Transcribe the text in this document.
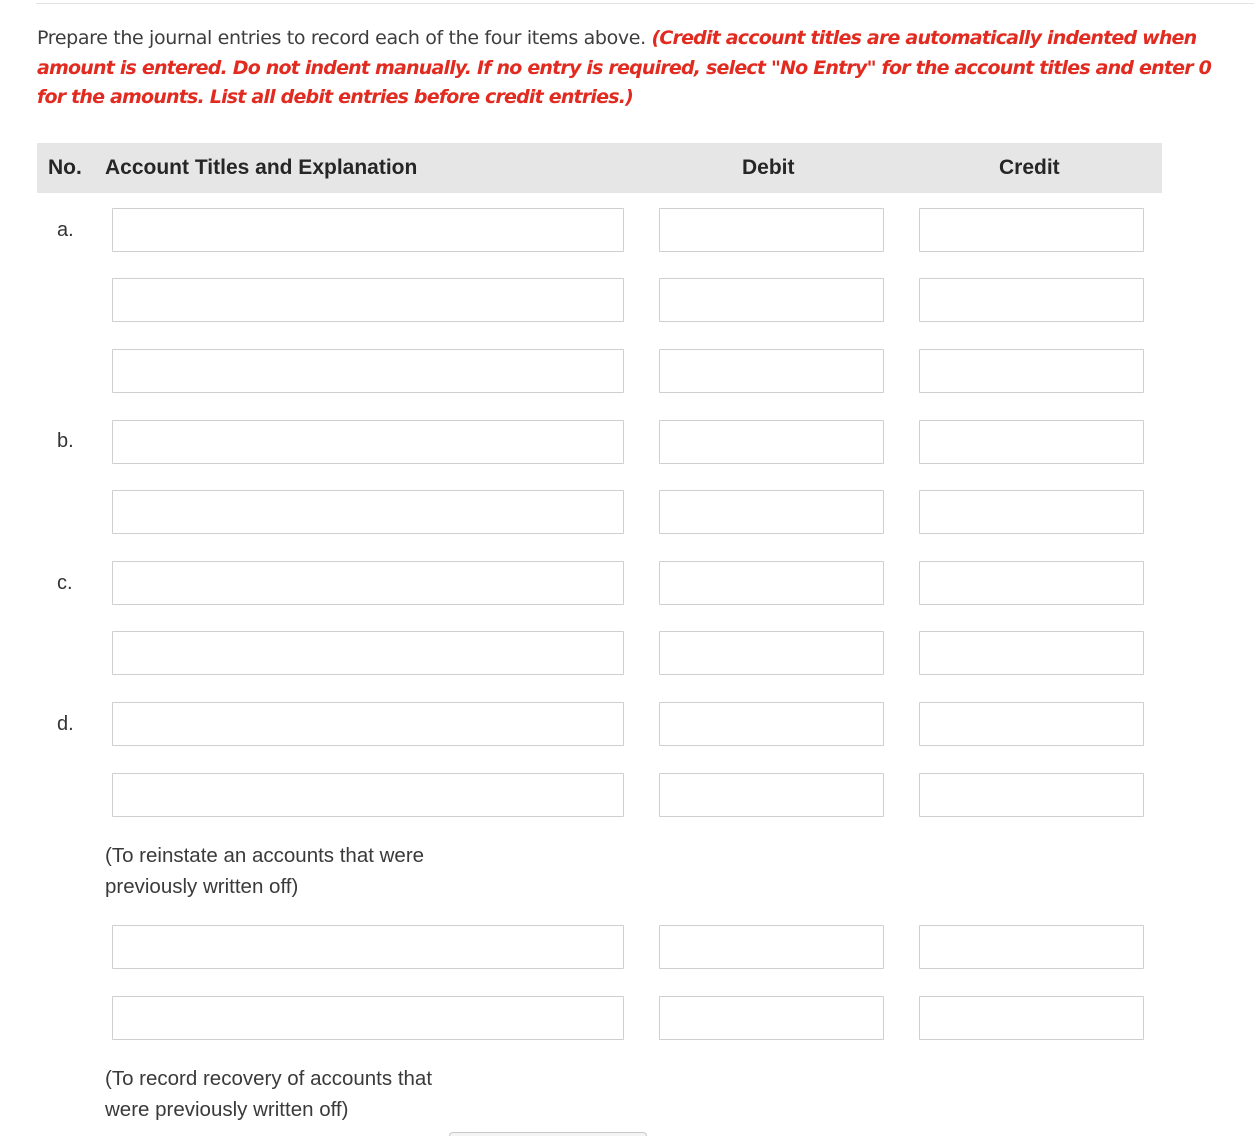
Prepare the journal entries to record each of the four items above. (Credit account titles are automatically indented when amount is entered. Do not indent manually. If no entry is required, select "No Entry" for the account titles and enter 0 for the amounts. List all debit entries before credit entries.)
No. Account Titles and Explanation	Debit	Credit
a.
b.
c.
d.
(To reinstate an accounts that were previously written off)
(To record recovery of accounts that were previously written off)
